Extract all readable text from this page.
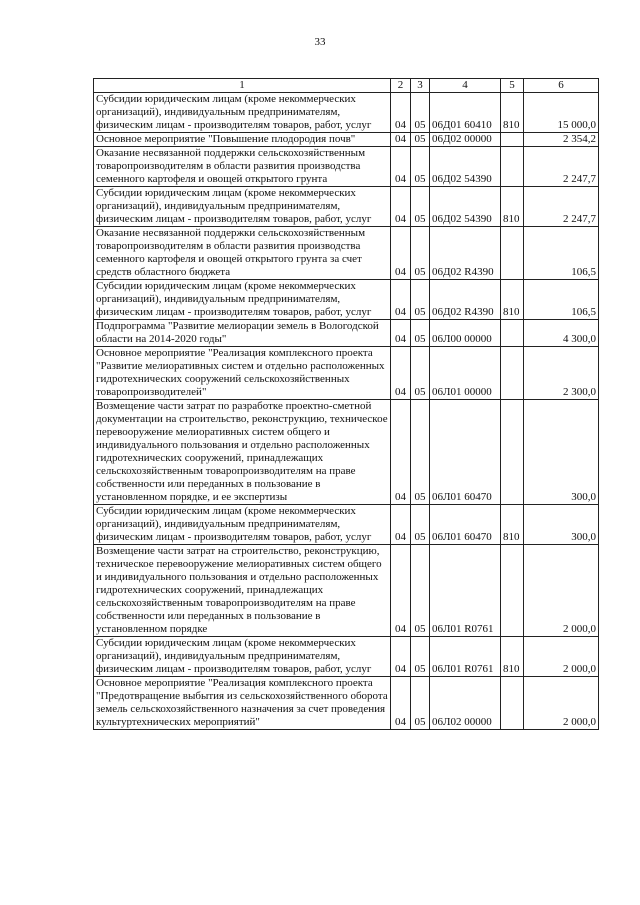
33
1	2	3	4	5	6
Субсидии юридическим лицам (кроме некоммерческих организаций), индивидуальным предпринимателям, физическим лицам - производителям товаров, работ, услуг	04	05	06Д01 60410	810	15 000,0
Основное мероприятие "Повышение плодородия почв"	04	05	06Д02 00000		2 354,2
Оказание несвязанной поддержки сельскохозяйственным товаропроизводителям в области развития производства семенного картофеля и овощей открытого грунта	04	05	06Д02 54390		2 247,7
Субсидии юридическим лицам (кроме некоммерческих организаций), индивидуальным предпринимателям, физическим лицам - производителям товаров, работ, услуг	04	05	06Д02 54390	810	2 247,7
Оказание несвязанной поддержки сельскохозяйственным товаропроизводителям в области развития производства семенного картофеля и овощей открытого грунта за счет средств областного бюджета	04	05	06Д02 R4390		106,5
Субсидии юридическим лицам (кроме некоммерческих организаций), индивидуальным предпринимателям, физическим лицам - производителям товаров, работ, услуг	04	05	06Д02 R4390	810	106,5
Подпрограмма "Развитие мелиорации земель в Вологодской области на 2014-2020 годы"	04	05	06Л00 00000		4 300,0
Основное мероприятие "Реализация комплексного проекта "Развитие мелиоративных систем и отдельно расположенных гидротехнических сооружений сельскохозяйственных товаропроизводителей"	04	05	06Л01 00000		2 300,0
Возмещение части затрат по разработке проектно-сметной документации на строительство, реконструкцию, техническое перевооружение мелиоративных систем общего и индивидуального пользования и отдельно расположенных гидротехнических сооружений, принадлежащих сельскохозяйственным товаропроизводителям на праве собственности или переданных в пользование в установленном порядке, и ее экспертизы	04	05	06Л01 60470		300,0
Субсидии юридическим лицам (кроме некоммерческих организаций), индивидуальным предпринимателям, физическим лицам - производителям товаров, работ, услуг	04	05	06Л01 60470	810	300,0
Возмещение части затрат на строительство, реконструкцию, техническое перевооружение мелиоративных систем общего и индивидуального пользования и отдельно расположенных гидротехнических сооружений, принадлежащих сельскохозяйственным товаропроизводителям на праве собственности или переданных в пользование в установленном порядке	04	05	06Л01 R0761		2 000,0
Субсидии юридическим лицам (кроме некоммерческих организаций), индивидуальным предпринимателям, физическим лицам - производителям товаров, работ, услуг	04	05	06Л01 R0761	810	2 000,0
Основное мероприятие "Реализация комплексного проекта "Предотвращение выбытия из сельскохозяйственного оборота земель сельскохозяйственного назначения за счет проведения культуртехнических мероприятий"	04	05	06Л02 00000		2 000,0
